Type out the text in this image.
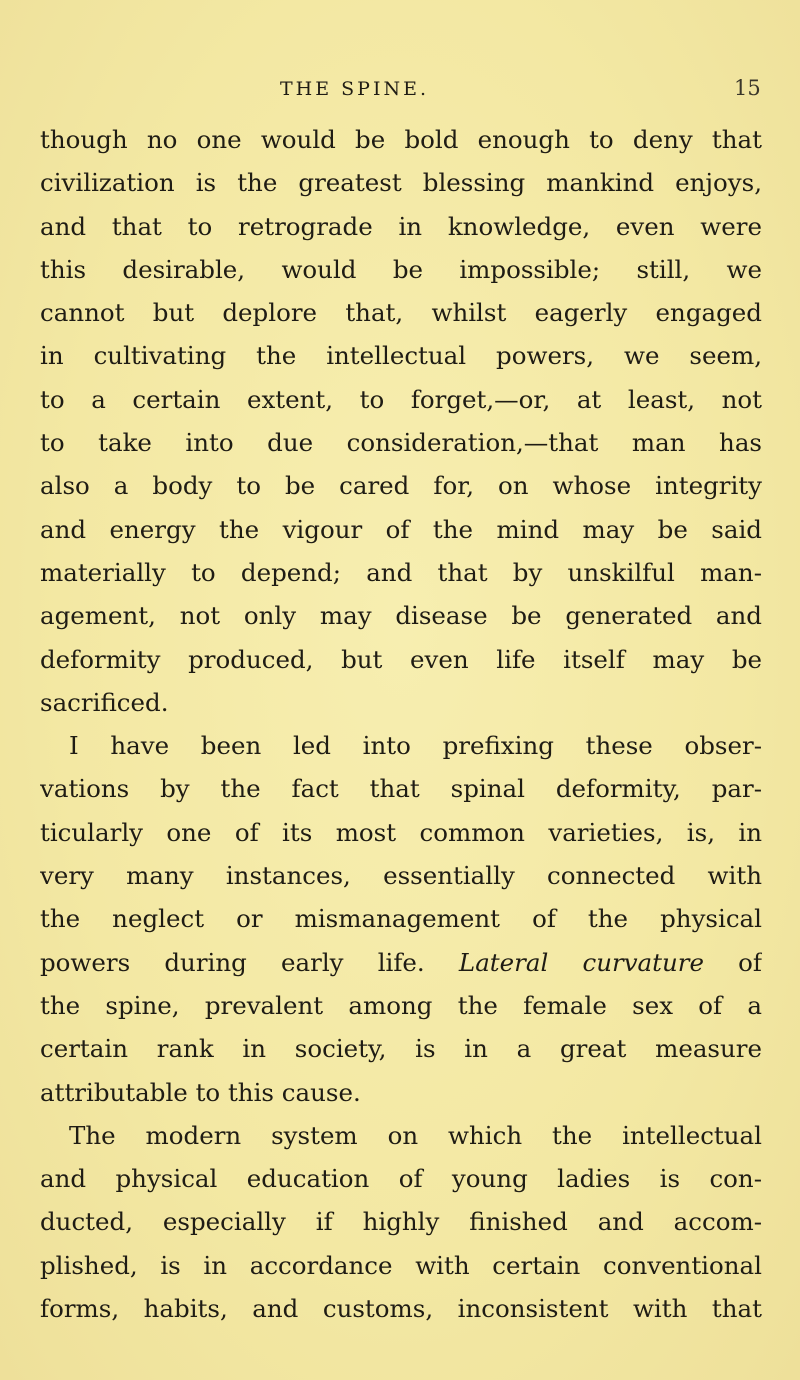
THE SPINE.	15
though no one would be bold enough to deny that
civilization is the greatest blessing mankind enjoys,
and that to retrograde in knowledge, even were
this desirable, would be impossible; still, we
cannot but deplore that, whilst eagerly engaged
in cultivating the intellectual powers, we seem,
to a certain extent, to forget,—or, at least, not
to take into due consideration,—that man has
also a body to be cared for, on whose integrity
and energy the vigour of the mind may be said
materially to depend; and that by unskilful man-
agement, not only may disease be generated and
deformity produced, but even life itself may be
sacrificed.
I have been led into prefixing these obser-
vations by the fact that spinal deformity, par-
ticularly one of its most common varieties, is, in
very many instances, essentially connected with
the neglect or mismanagement of the physical
powers during early life. Lateral curvature of
the spine, prevalent among the female sex of a
certain rank in society, is in a great measure
attributable to this cause.
The modern system on which the intellectual
and physical education of young ladies is con-
ducted, especially if highly finished and accom-
plished, is in accordance with certain conventional
forms, habits, and customs, inconsistent with that
